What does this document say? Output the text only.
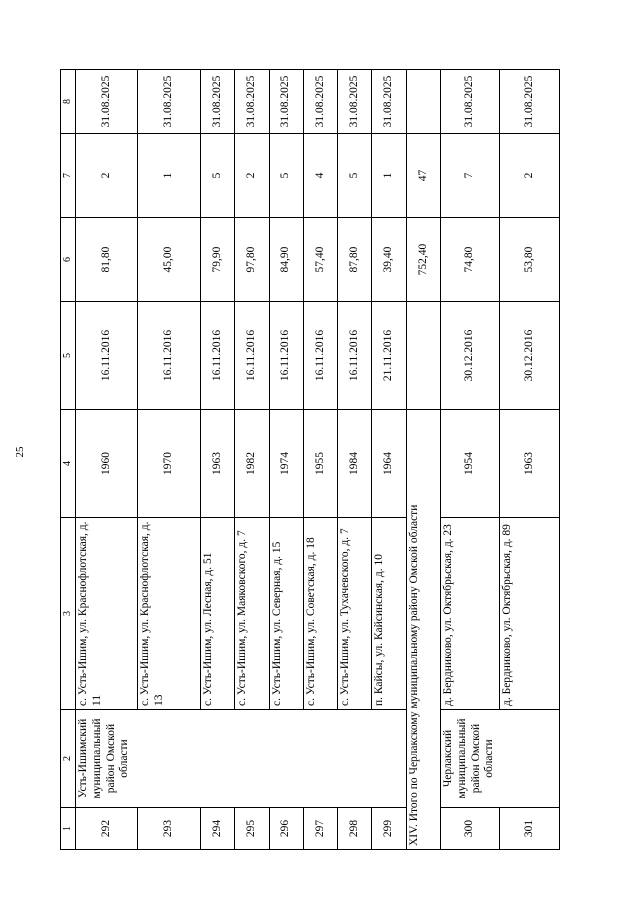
25
1	2	3	4	5	6	7	8
292	Усть-Ишимский муниципальный район Омской области	с. Усть-Ишим, ул. Краснофлотская, д. 11	1960	16.11.2016	81,80	2	31.08.2025
293		с. Усть-Ишим, ул. Краснофлотская, д. 13	1970	16.11.2016	45,00	1	31.08.2025
294		с. Усть-Ишим, ул. Лесная, д. 51	1963	16.11.2016	79,90	5	31.08.2025
295		с. Усть-Ишим, ул. Маяковского, д. 7	1982	16.11.2016	97,80	2	31.08.2025
296		с. Усть-Ишим, ул. Северная, д. 15	1974	16.11.2016	84,90	5	31.08.2025
297		с. Усть-Ишим, ул. Советская, д. 18	1955	16.11.2016	57,40	4	31.08.2025
298		с. Усть-Ишим, ул. Тухачевского, д. 7	1984	16.11.2016	87,80	5	31.08.2025
299		п. Кайсы, ул. Кайсинская, д. 10	1964	21.11.2016	39,40	1	31.08.2025
XIV. Итого по Черлакскому муниципальному району Омской области					752,40	47	
300	Черлакский муниципальный район Омской области	д. Бердниково, ул. Октябрьская, д. 23	1954	30.12.2016	74,80	7	31.08.2025
301		д. Бердниково, ул. Октябрьская, д. 89	1963	30.12.2016	53,80	2	31.08.2025
